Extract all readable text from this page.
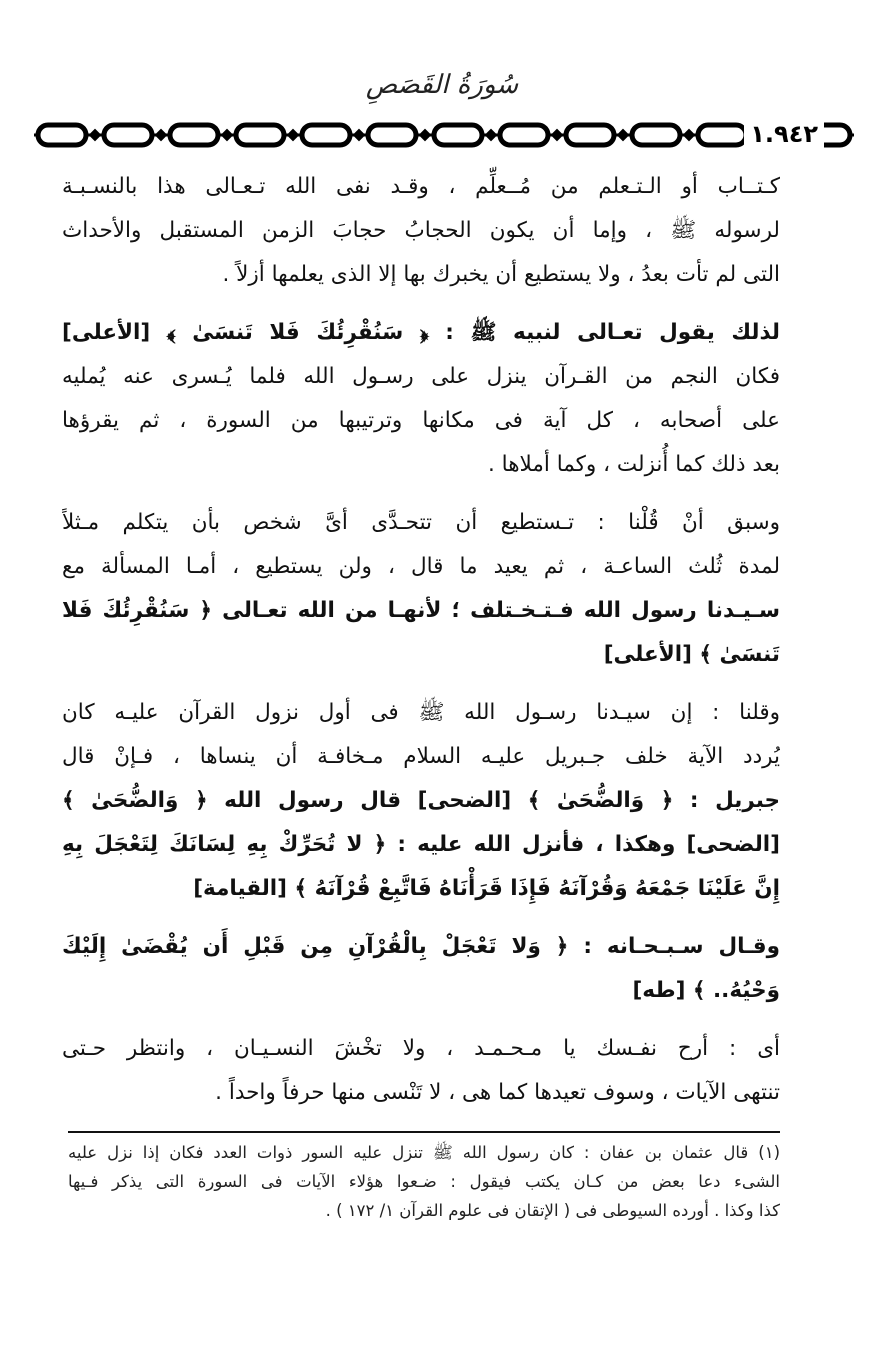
سُورَةُ القَصَصِ
١.٩٤٢
كـتــاب أو الـتـعلم من مُــعلِّم ، وقـد نفى الله تـعـالى هذا بالنسـبـة
لرسوله ﷺ ، وإما أن يكون الحجابُ حجابَ الزمن المستقبل والأحداث
التى لم تأت بعدُ ، ولا يستطيع أن يخبرك بها إلا الذى يعلمها أزلاً .
لذلك يقول تعـالى لنبيه ﷺ : ﴿ سَنُقْرِئُكَ فَلا تَنسَىٰ ﴾ [الأعلى]
فكان النجم من القـرآن ينزل على رسـول الله فلما يُـسرى عنه يُمليه
على أصحابه ، كل آية فى مكانها وترتيبها من السورة ، ثم يقرؤها
بعد ذلك كما أُنزلت ، وكما أملاها .
وسبق أنْ قُلْنا : تـستطيع أن تتحـدَّى أىَّ شخص بأن يتكلم مـثلاً
لمدة ثُلث الساعـة ، ثم يعيد ما قال ، ولن يستطيع ، أمـا المسألة مع
سـيـدنا رسول الله فـتـخـتلف ؛ لأنهـا من الله تعـالى ﴿ سَنُقْرِئُكَ فَلا
تَنسَىٰ ﴾ [الأعلى]
وقلنا : إن سيـدنا رسـول الله ﷺ فى أول نزول القرآن عليـه كان
يُردد الآية خلف جـبريل عليـه السلام مـخافـة أن ينساها ، فـإنْ قال
جبريل : ﴿ وَالضُّحَىٰ ﴾ [الضحى] قال رسول الله ﴿ وَالضُّحَىٰ ﴾
[الضحى] وهكذا ، فأنزل الله عليه : ﴿ لا تُحَرِّكْ بِهِ لِسَانَكَ لِتَعْجَلَ بِهِ
إِنَّ عَلَيْنَا جَمْعَهُ وَقُرْآنَهُ فَإِذَا قَرَأْنَاهُ فَاتَّبِعْ قُرْآنَهُ ﴾ [القيامة]
وقـال سـبـحـانه : ﴿ وَلا تَعْجَلْ بِالْقُرْآنِ مِن قَبْلِ أَن يُقْضَىٰ إِلَيْكَ
وَحْيُهُ.. ﴾ [طه]
أى : أرح نفـسك يا مـحـمـد ، ولا تخْشَ النسـيـان ، وانتظر حـتى
تنتهى الآيات ، وسوف تعيدها كما هى ، لا تَنْسى منها حرفاً واحداً .
(١) قال عثمان بن عفان : كان رسول الله ﷺ تنزل عليه السور ذوات العدد فكان إذا نزل عليه
الشىء دعا بعض من كـان يكتب فيقول : ضـعوا هؤلاء الآيات فى السورة التى يذكر فـيها
كذا وكذا . أورده السيوطى فى ( الإتقان فى علوم القرآن ١/ ١٧٢ ) .
